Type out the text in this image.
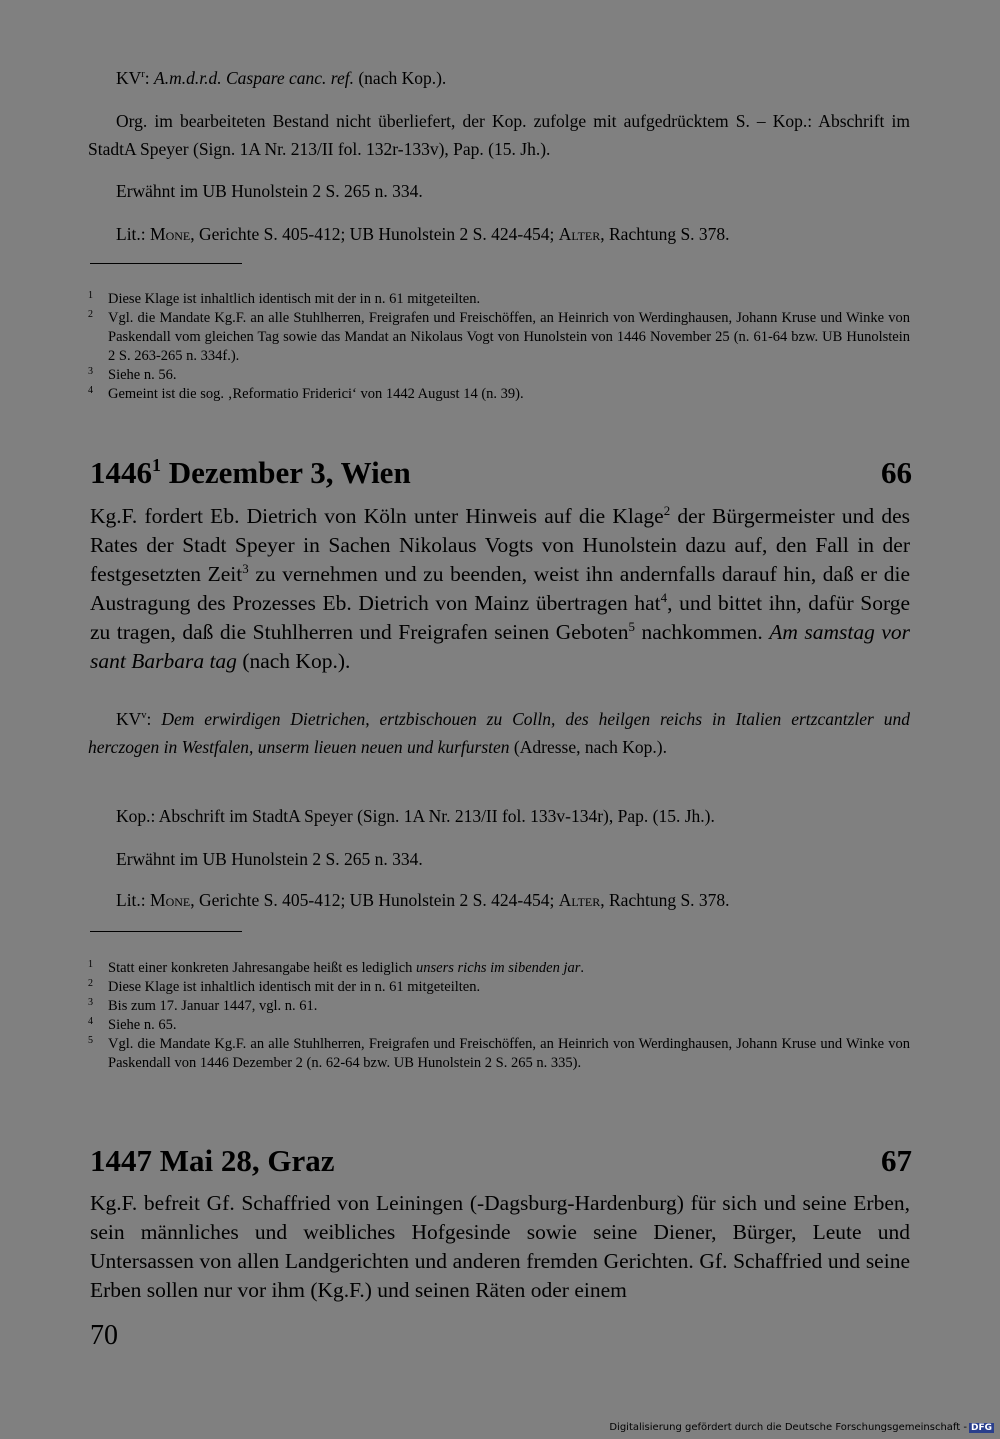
$KV^r$: A.m.d.r.d. Caspare canc. ref. (nach Kop.).

Org. im bearbeiteten Bestand nicht überliefert, der Kop. zufolge mit aufgedrücktem S. – Kop.: Abschrift im StadtA Speyer (Sign. 1A Nr. 213/II fol. 132r-133v), Pap. (15. Jh.).

Erwähnt im UB Hunolstein 2 S. 265 n. 334.

Lit.: Mone, Gerichte S. 405-412; UB Hunolstein 2 S. 424-454; Alter, Rachtung S. 378.

1 Diese Klage ist inhaltlich identisch mit der in n. 61 mitgeteilten.
2 Vgl. die Mandate Kg.F. an alle Stuhlherren, Freigrafen und Freischöffen, an Heinrich von Werdinghausen, Johann Kruse und Winke von Paskendall vom gleichen Tag sowie das Mandat an Nikolaus Vogt von Hunolstein von 1446 November 25 (n. 61-64 bzw. UB Hunolstein 2 S. 263-265 n. 334f.).
3 Siehe n. 56.
4 Gemeint ist die sog. ‚Reformatio Friderici‘ von 1442 August 14 (n. 39).
1446$^1$ Dezember 3, Wien	66

Kg.F. fordert Eb. Dietrich von Köln unter Hinweis auf die Klage$^2$ der Bürgermeister und des Rates der Stadt Speyer in Sachen Nikolaus Vogts von Hunolstein dazu auf, den Fall in der festgesetzten Zeit$^3$ zu vernehmen und zu beenden, weist ihn andernfalls darauf hin, daß er die Austragung des Prozesses Eb. Dietrich von Mainz übertragen hat$^4$, und bittet ihn, dafür Sorge zu tragen, daß die Stuhlherren und Freigrafen seinen Geboten$^5$ nachkommen. Am samstag vor sant Barbara tag (nach Kop.).

$KV^v$: Dem erwirdigen Dietrichen, ertzbischouen zu Colln, des heilgen reichs in Italien ertzcantzler und herczogen in Westfalen, unserm lieuen neuen und kurfursten (Adresse, nach Kop.).

Kop.: Abschrift im StadtA Speyer (Sign. 1A Nr. 213/II fol. 133v-134r), Pap. (15. Jh.).

Erwähnt im UB Hunolstein 2 S. 265 n. 334.

Lit.: Mone, Gerichte S. 405-412; UB Hunolstein 2 S. 424-454; Alter, Rachtung S. 378.

1 Statt einer konkreten Jahresangabe heißt es lediglich unsers richs im sibenden jar.
2 Diese Klage ist inhaltlich identisch mit der in n. 61 mitgeteilten.
3 Bis zum 17. Januar 1447, vgl. n. 61.
4 Siehe n. 65.
5 Vgl. die Mandate Kg.F. an alle Stuhlherren, Freigrafen und Freischöffen, an Heinrich von Werdinghausen, Johann Kruse und Winke von Paskendall von 1446 Dezember 2 (n. 62-64 bzw. UB Hunolstein 2 S. 265 n. 335).
1447 Mai 28, Graz	67

Kg.F. befreit Gf. Schaffried von Leiningen (-Dagsburg-Hardenburg) für sich und seine Erben, sein männliches und weibliches Hofgesinde sowie seine Diener, Bürger, Leute und Untersassen von allen Landgerichten und anderen fremden Gerichten. Gf. Schaffried und seine Erben sollen nur vor ihm (Kg.F.) und seinen Räten oder einem

70
Digitalisierung gefördert durch die Deutsche Forschungsgemeinschaft - DFG
